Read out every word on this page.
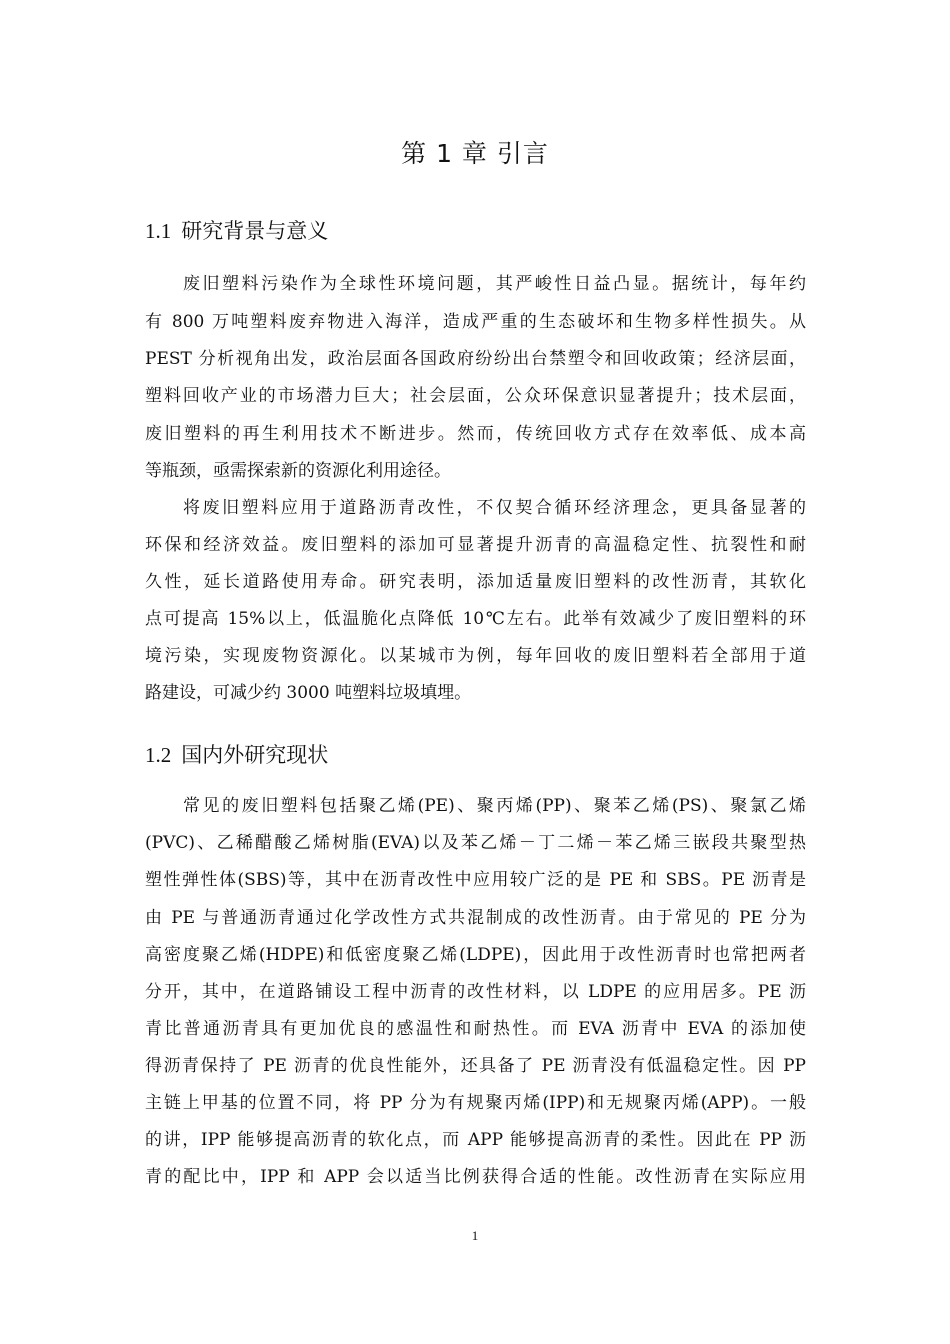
第 1 章 引言
1.1 研究背景与意义
废旧塑料污染作为全球性环境问题，其严峻性日益凸显。据统计，每年约
有 800 万吨塑料废弃物进入海洋，造成严重的生态破坏和生物多样性损失。从
PEST 分析视角出发，政治层面各国政府纷纷出台禁塑令和回收政策；经济层面，
塑料回收产业的市场潜力巨大；社会层面，公众环保意识显著提升；技术层面，
废旧塑料的再生利用技术不断进步。然而，传统回收方式存在效率低、成本高
等瓶颈，亟需探索新的资源化利用途径。
将废旧塑料应用于道路沥青改性，不仅契合循环经济理念，更具备显著的
环保和经济效益。废旧塑料的添加可显著提升沥青的高温稳定性、抗裂性和耐
久性，延长道路使用寿命。研究表明，添加适量废旧塑料的改性沥青，其软化
点可提高 15%以上，低温脆化点降低 10℃左右。此举有效减少了废旧塑料的环
境污染，实现废物资源化。以某城市为例，每年回收的废旧塑料若全部用于道
路建设，可减少约 3000 吨塑料垃圾填埋。
1.2 国内外研究现状
常见的废旧塑料包括聚乙烯(PE)、聚丙烯(PP)、聚苯乙烯(PS)、聚氯乙烯
(PVC)、乙稀醋酸乙烯树脂(EVA)以及苯乙烯－丁二烯－苯乙烯三嵌段共聚型热
塑性弹性体(SBS)等，其中在沥青改性中应用较广泛的是 PE 和 SBS。PE 沥青是
由 PE 与普通沥青通过化学改性方式共混制成的改性沥青。由于常见的 PE 分为
高密度聚乙烯(HDPE)和低密度聚乙烯(LDPE)，因此用于改性沥青时也常把两者
分开，其中，在道路铺设工程中沥青的改性材料，以 LDPE 的应用居多。PE 沥
青比普通沥青具有更加优良的感温性和耐热性。而 EVA 沥青中 EVA 的添加使
得沥青保持了 PE 沥青的优良性能外，还具备了 PE 沥青没有低温稳定性。因 PP
主链上甲基的位置不同，将 PP 分为有规聚丙烯(IPP)和无规聚丙烯(APP)。一般
的讲，IPP 能够提高沥青的软化点，而 APP 能够提高沥青的柔性。因此在 PP 沥
青的配比中，IPP 和 APP 会以适当比例获得合适的性能。改性沥青在实际应用
1
